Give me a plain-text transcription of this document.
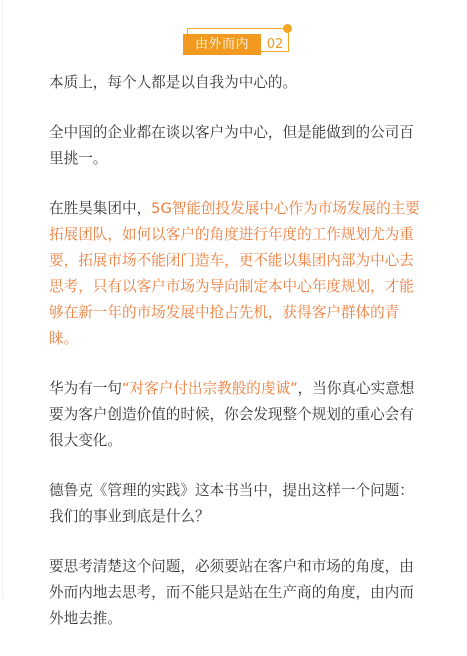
由外而内	02

本质上，每个人都是以自我为中心的。

全中国的企业都在谈以客户为中心，但是能做到的公司百里挑一。

在胜昊集团中，5G智能创投发展中心作为市场发展的主要拓展团队，如何以客户的角度进行年度的工作规划尤为重要，拓展市场不能闭门造车，更不能以集团内部为中心去思考，只有以客户市场为导向制定本中心年度规划，才能够在新一年的市场发展中抢占先机，获得客户群体的青睐。

华为有一句“对客户付出宗教般的虔诚”，当你真心实意想要为客户创造价值的时候，你会发现整个规划的重心会有很大变化。

德鲁克《管理的实践》这本书当中，提出这样一个问题：我们的事业到底是什么？

要思考清楚这个问题，必须要站在客户和市场的角度，由外而内地去思考，而不能只是站在生产商的角度，由内而外地去推。
